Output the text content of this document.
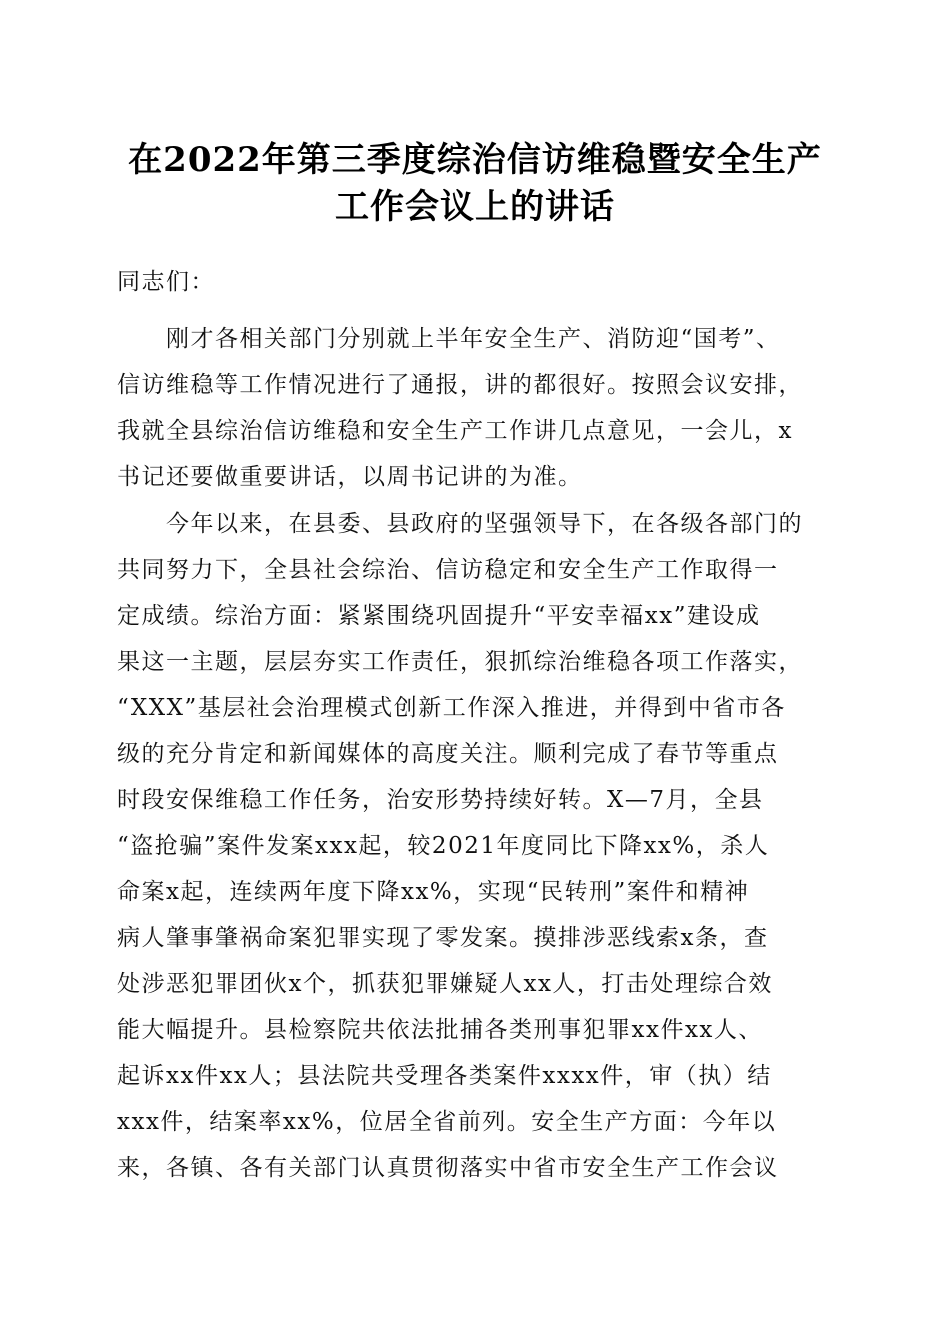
在2022年第三季度综治信访维稳暨安全生产
工作会议上的讲话
同志们：
　　刚才各相关部门分别就上半年安全生产、消防迎“国考”、
信访维稳等工作情况进行了通报，讲的都很好。按照会议安排，
我就全县综治信访维稳和安全生产工作讲几点意见，一会儿，x
书记还要做重要讲话，以周书记讲的为准。
　　今年以来，在县委、县政府的坚强领导下，在各级各部门的
共同努力下，全县社会综治、信访稳定和安全生产工作取得一
定成绩。综治方面：紧紧围绕巩固提升“平安幸福xx”建设成
果这一主题，层层夯实工作责任，狠抓综治维稳各项工作落实，
“XXX”基层社会治理模式创新工作深入推进，并得到中省市各
级的充分肯定和新闻媒体的高度关注。顺利完成了春节等重点
时段安保维稳工作任务，治安形势持续好转。X—7月，全县
“盗抢骗”案件发案xxx起，较2021年度同比下降xx%，杀人
命案x起，连续两年度下降xx%，实现“民转刑”案件和精神
病人肇事肇祸命案犯罪实现了零发案。摸排涉恶线索x条，查
处涉恶犯罪团伙x个，抓获犯罪嫌疑人xx人，打击处理综合效
能大幅提升。县检察院共依法批捕各类刑事犯罪xx件xx人、
起诉xx件xx人；县法院共受理各类案件xxxx件，审（执）结
xxx件，结案率xx%，位居全省前列。安全生产方面：今年以
来，各镇、各有关部门认真贯彻落实中省市安全生产工作会议
